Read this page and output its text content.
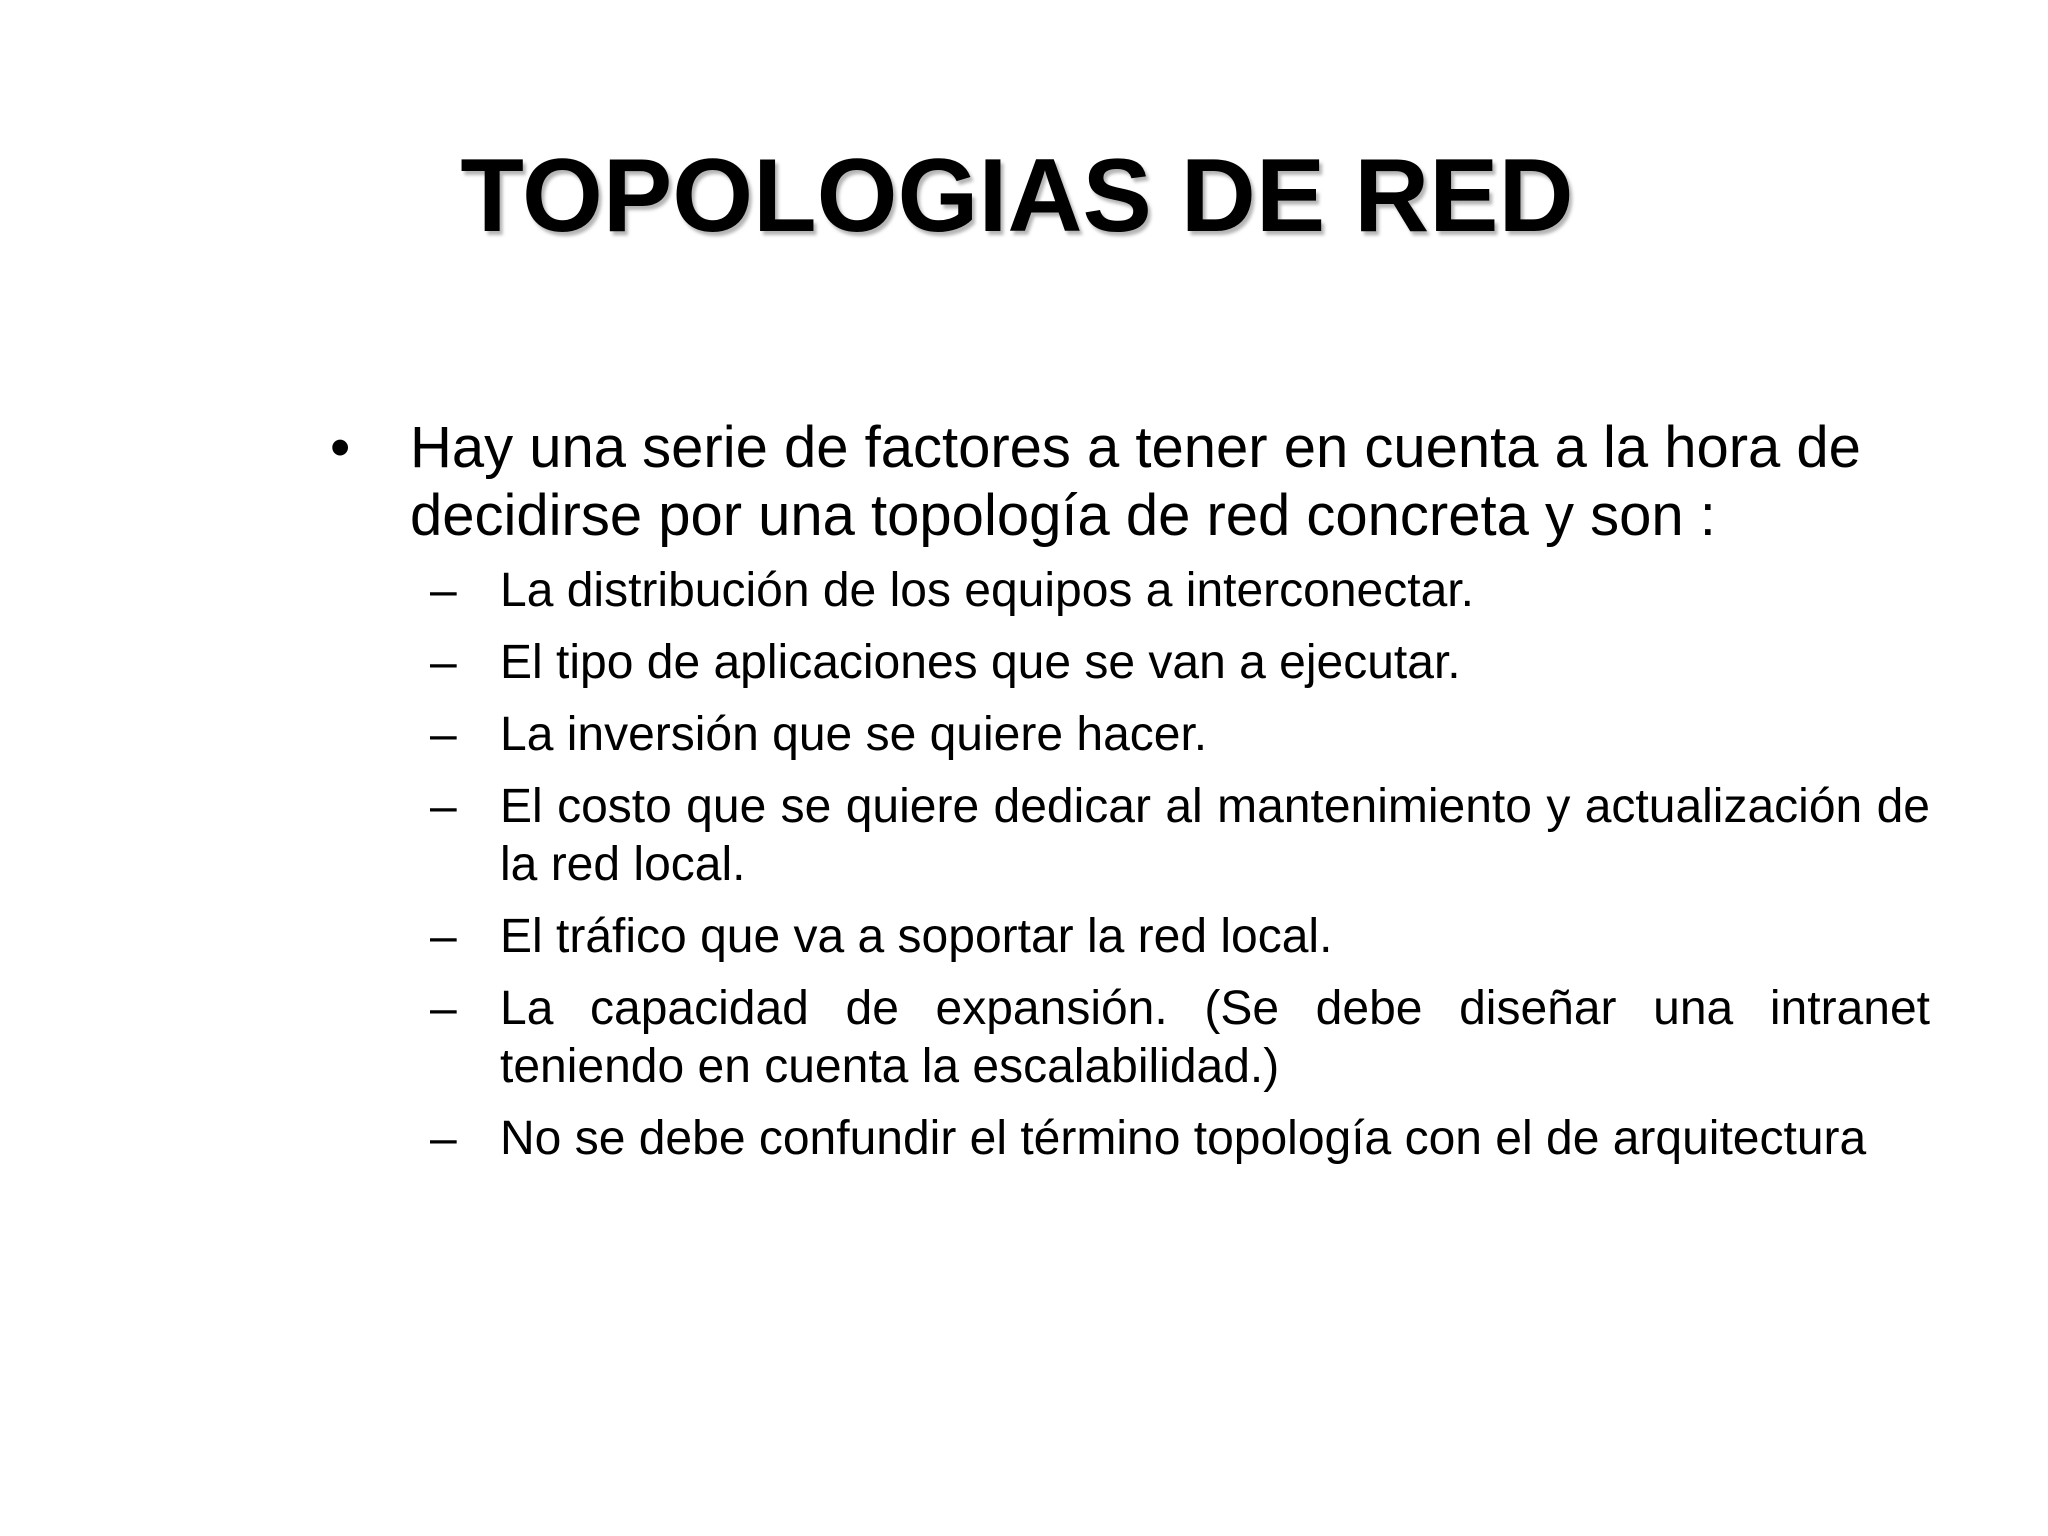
TOPOLOGIAS DE RED
• Hay una serie de factores a tener en cuenta a la hora de decidirse por una topología de red concreta y son :
– La distribución de los equipos a interconectar.
– El tipo de aplicaciones que se van a ejecutar.
– La inversión que se quiere hacer.
– El costo que se quiere dedicar al mantenimiento y actualización de la red local.
– El tráfico que va a soportar la red local.
– La capacidad de expansión. (Se debe diseñar una intranet teniendo en cuenta la escalabilidad.)
– No se debe confundir el término topología con el de arquitectura
